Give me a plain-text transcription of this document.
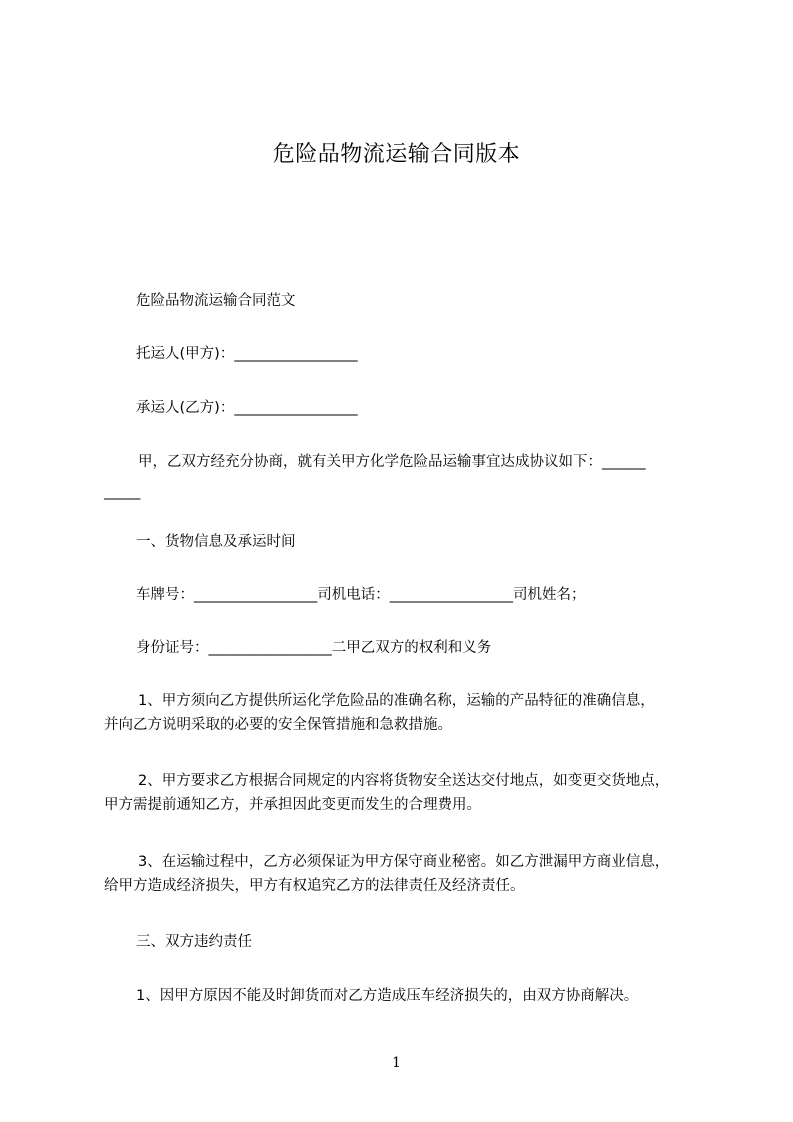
危险品物流运输合同版本
危险品物流运输合同范文
托运人(甲方)：_________________
承运人(乙方)：_________________
甲，乙双方经充分协商，就有关甲方化学危险品运输事宜达成协议如下：______
_____
一、货物信息及承运时间
车牌号：_________________司机电话：_________________司机姓名；
身份证号：_________________二甲乙双方的权利和义务
1、甲方须向乙方提供所运化学危险品的准确名称，运输的产品特征的准确信息，
并向乙方说明采取的必要的安全保管措施和急救措施。
2、甲方要求乙方根据合同规定的内容将货物安全送达交付地点，如变更交货地点，
甲方需提前通知乙方，并承担因此变更而发生的合理费用。
3、在运输过程中，乙方必须保证为甲方保守商业秘密。如乙方泄漏甲方商业信息，
给甲方造成经济损失，甲方有权追究乙方的法律责任及经济责任。
三、双方违约责任
1、因甲方原因不能及时卸货而对乙方造成压车经济损失的，由双方协商解决。
1
